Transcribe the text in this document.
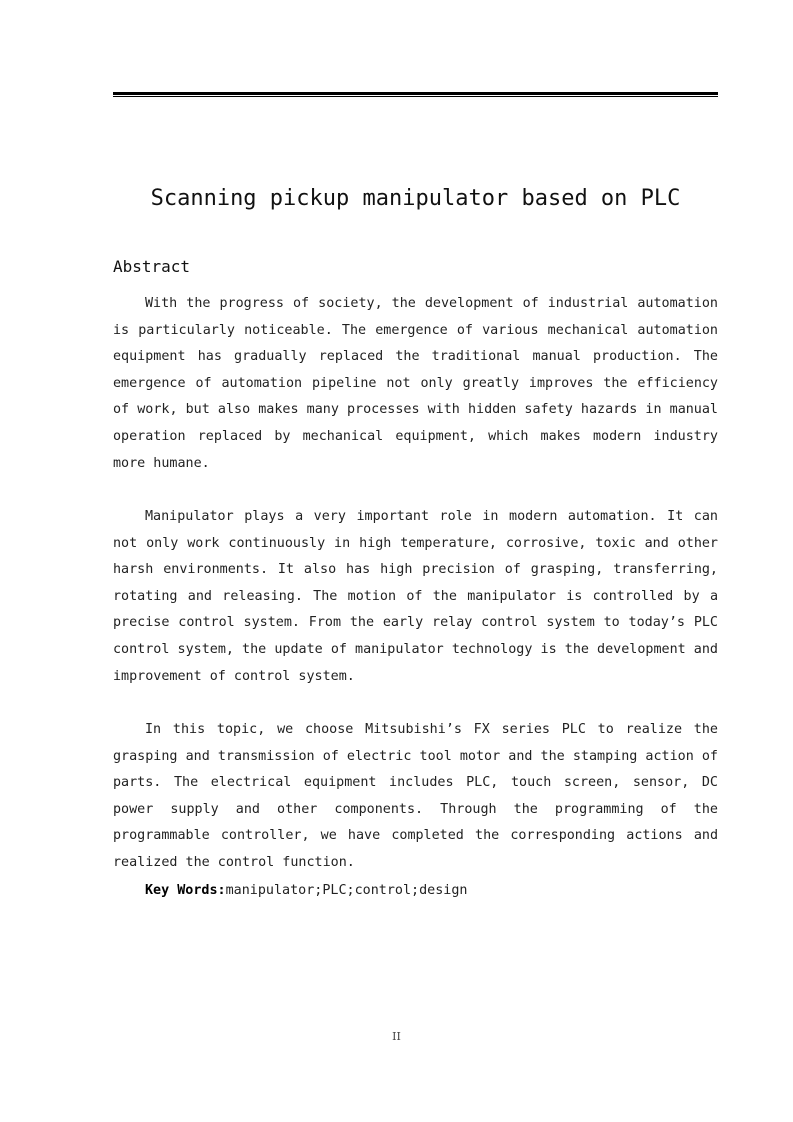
Scanning pickup manipulator based on PLC
Abstract

With the progress of society, the development of industrial automation is particularly noticeable. The emergence of various mechanical automation equipment has gradually replaced the traditional manual production. The emergence of automation pipeline not only greatly improves the efficiency of work, but also makes many processes with hidden safety hazards in manual operation replaced by mechanical equipment, which makes modern industry more humane.

Manipulator plays a very important role in modern automation. It can not only work continuously in high temperature, corrosive, toxic and other harsh environments. It also has high precision of grasping, transferring, rotating and releasing. The motion of the manipulator is controlled by a precise control system. From the early relay control system to today’s PLC control system, the update of manipulator technology is the development and improvement of control system.

In this topic, we choose Mitsubishi’s FX series PLC to realize the grasping and transmission of electric tool motor and the stamping action of parts. The electrical equipment includes PLC, touch screen, sensor, DC power supply and other components. Through the programming of the programmable controller, we have completed the corresponding actions and realized the control function.

Key Words:manipulator;PLC;control;design
II
